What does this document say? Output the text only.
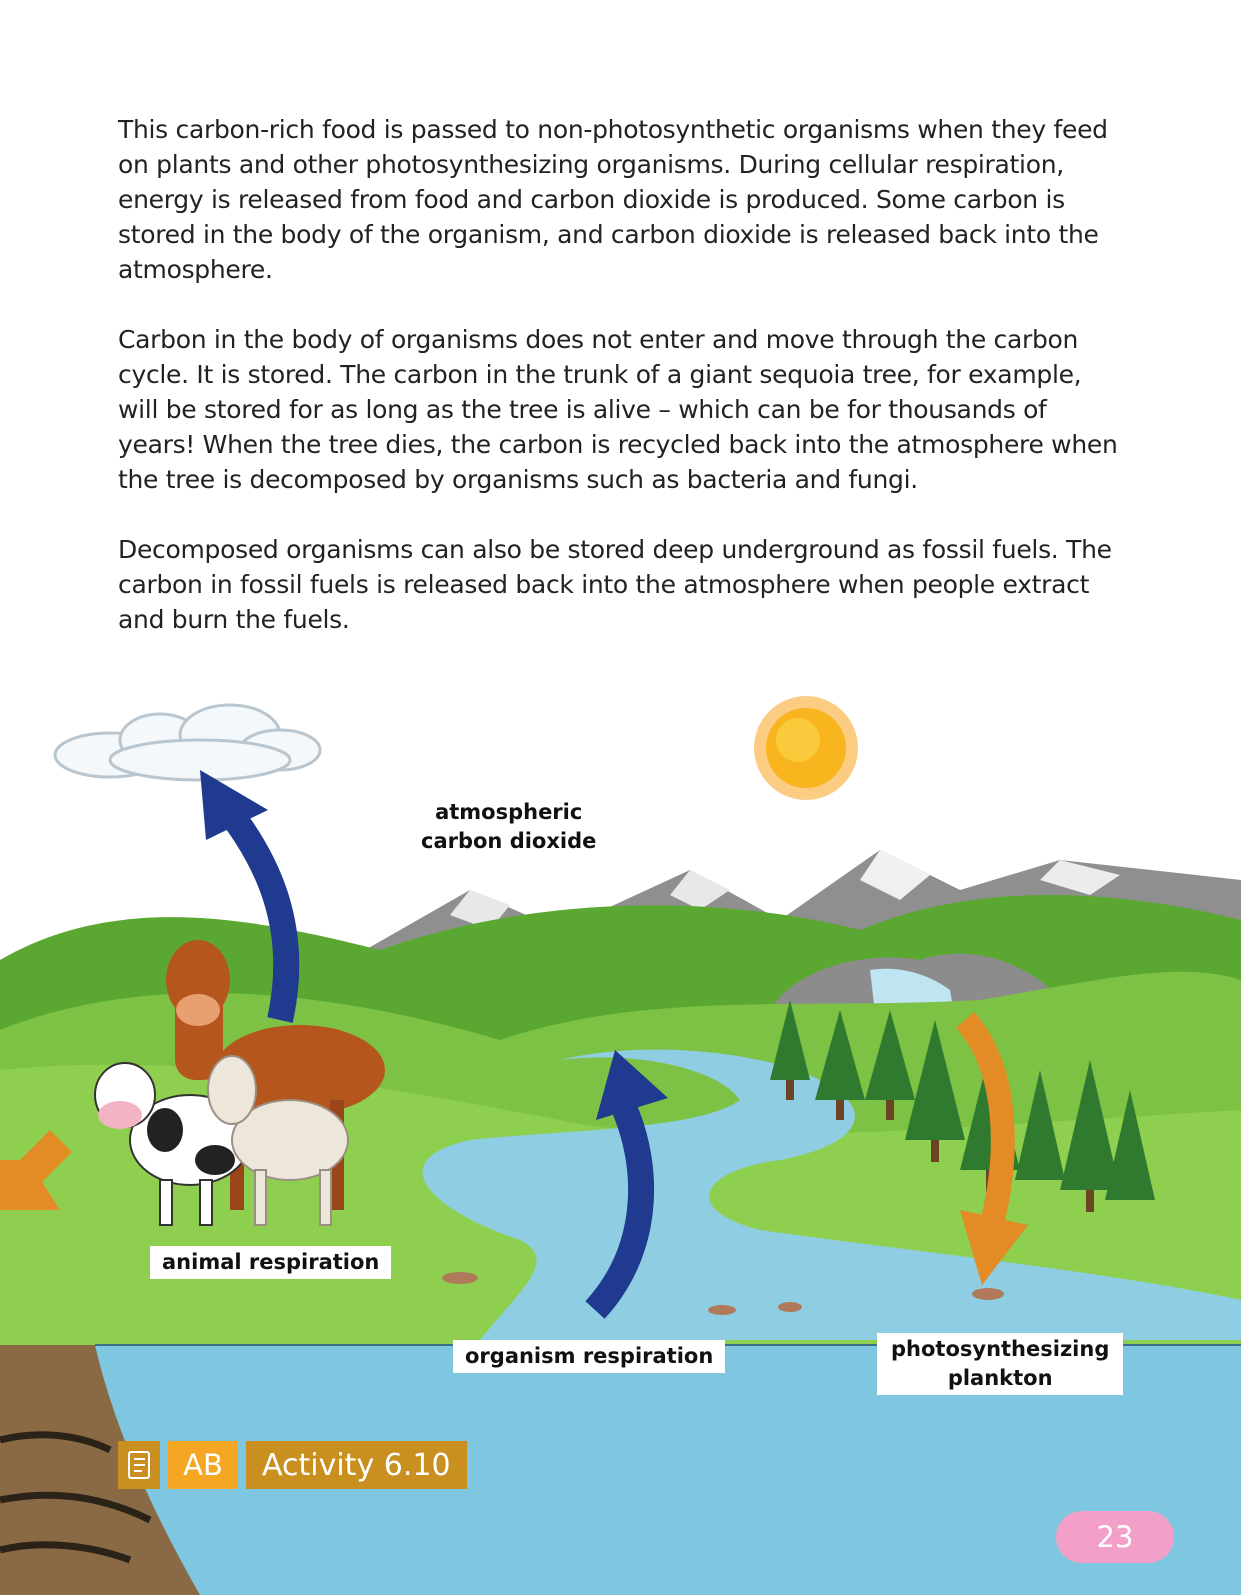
This carbon-rich food is passed to non-photosynthetic organisms when they feed on plants and other photosynthesizing organisms. During cellular respiration, energy is released from food and carbon dioxide is produced. Some carbon is stored in the body of the organism, and carbon dioxide is released back into the atmosphere.

Carbon in the body of organisms does not enter and move through the carbon cycle. It is stored. The carbon in the trunk of a giant sequoia tree, for example, will be stored for as long as the tree is alive – which can be for thousands of years! When the tree dies, the carbon is recycled back into the atmosphere when the tree is decomposed by organisms such as bacteria and fungi.

Decomposed organisms can also be stored deep underground as fossil fuels. The carbon in fossil fuels is released back into the atmosphere when people extract and burn the fuels.

atmospheric
carbon dioxide
animal respiration
organism respiration	photosynthesizing
plankton
AB	Activity 6.10
23
